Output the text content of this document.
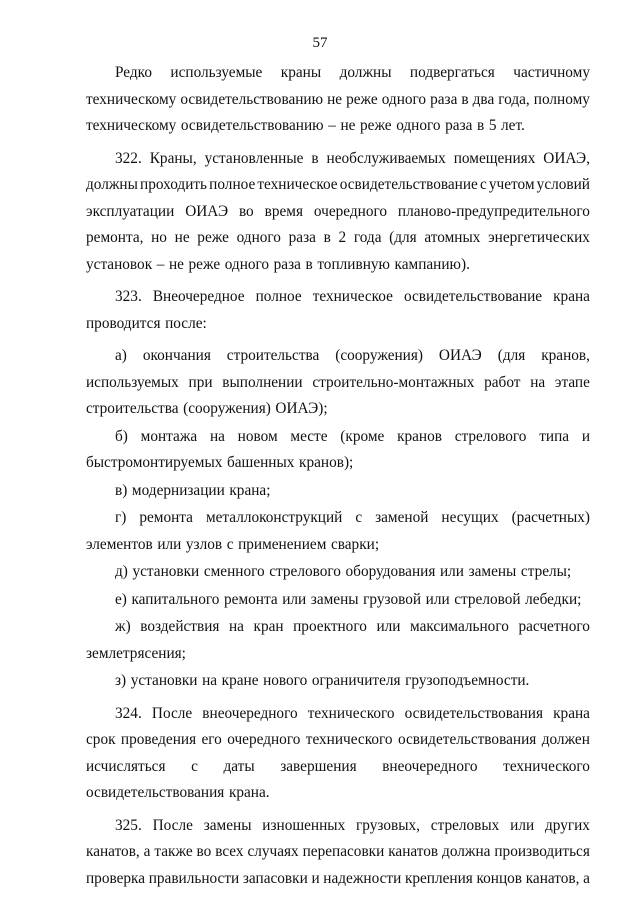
57
Редко используемые краны должны подвергаться частичному
техническому освидетельствованию не реже одного раза в два года, полному
техническому освидетельствованию – не реже одного раза в 5 лет.
322. Краны, установленные в необслуживаемых помещениях ОИАЭ,
должны проходить полное техническое освидетельствование с учетом условий
эксплуатации ОИАЭ во время очередного планово-предупредительного
ремонта, но не реже одного раза в 2 года (для атомных энергетических
установок – не реже одного раза в топливную кампанию).
323. Внеочередное полное техническое освидетельствование крана
проводится после:
а) окончания строительства (сооружения) ОИАЭ (для кранов,
используемых при выполнении строительно-монтажных работ на этапе
строительства (сооружения) ОИАЭ);
б) монтажа на новом месте (кроме кранов стрелового типа и
быстромонтируемых башенных кранов);
в) модернизации крана;
г) ремонта металлоконструкций с заменой несущих (расчетных)
элементов или узлов с применением сварки;
д) установки сменного стрелового оборудования или замены стрелы;
е) капитального ремонта или замены грузовой или стреловой лебедки;
ж) воздействия на кран проектного или максимального расчетного
землетрясения;
з) установки на кране нового ограничителя грузоподъемности.
324. После внеочередного технического освидетельствования крана
срок проведения его очередного технического освидетельствования должен
исчисляться с даты завершения внеочередного технического
освидетельствования крана.
325. После замены изношенных грузовых, стреловых или других
канатов, а также во всех случаях перепасовки канатов должна производиться
проверка правильности запасовки и надежности крепления концов канатов, а
